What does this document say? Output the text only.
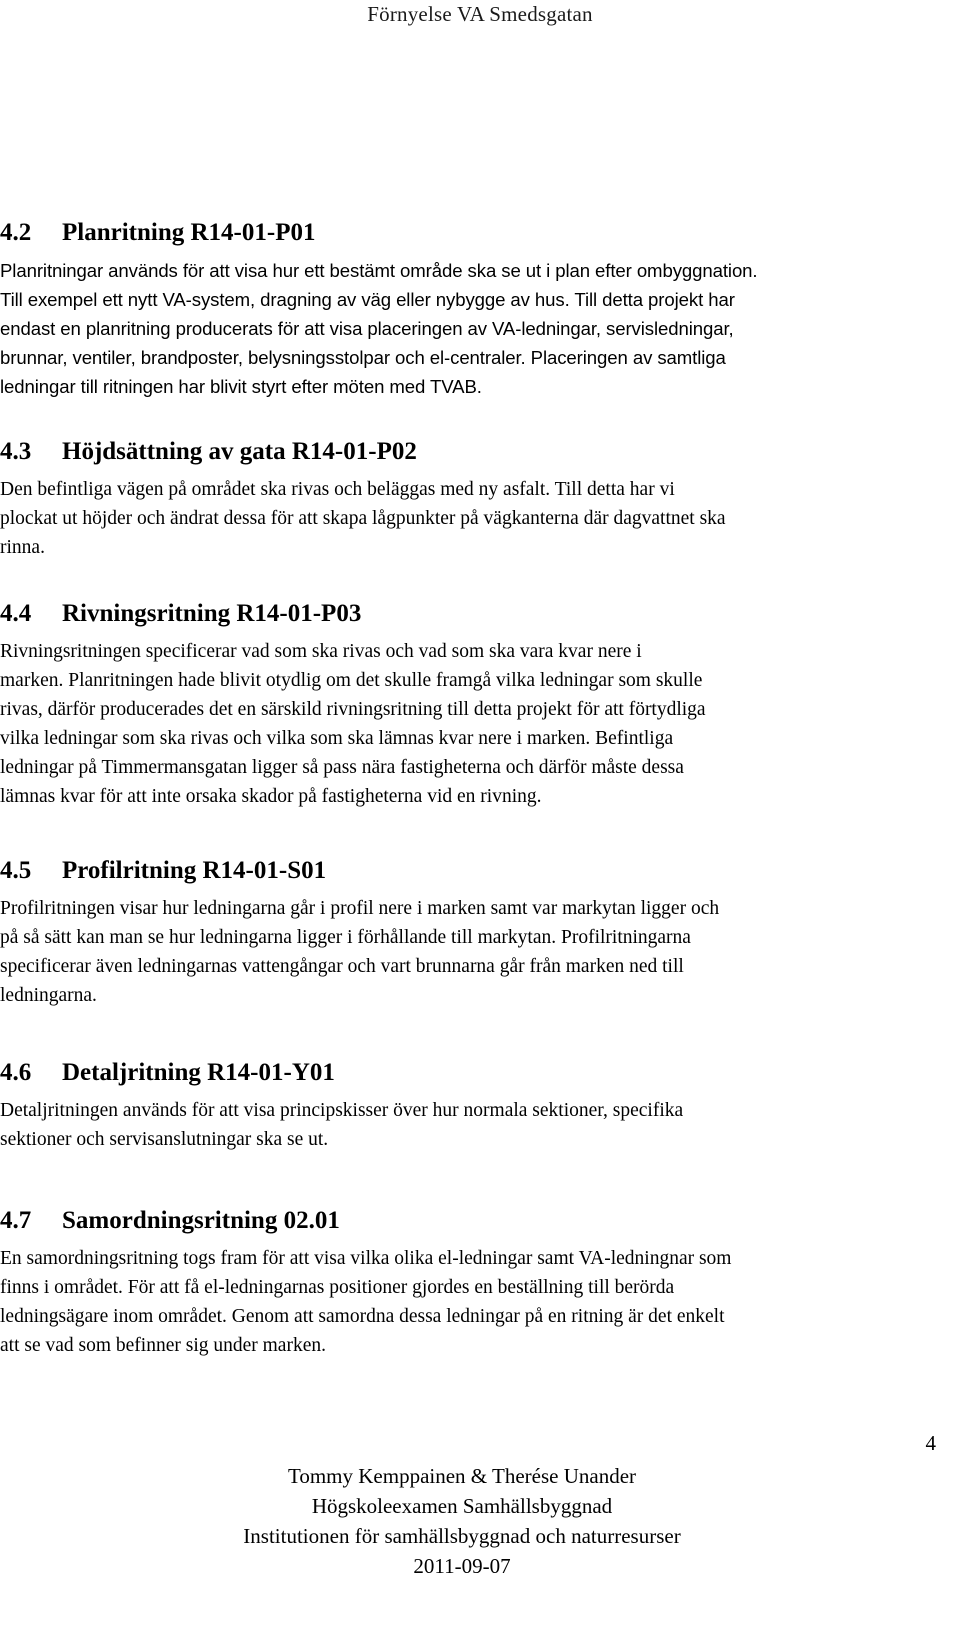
Förnyelse VA Smedsgatan
4.2 Planritning R14-01-P01
Planritningar används för att visa hur ett bestämt område ska se ut i plan efter ombyggnation.
Till exempel ett nytt VA-system, dragning av väg eller nybygge av hus. Till detta projekt har
endast en planritning producerats för att visa placeringen av VA-ledningar, servisledningar,
brunnar, ventiler, brandposter, belysningsstolpar och el-centraler. Placeringen av samtliga
ledningar till ritningen har blivit styrt efter möten med TVAB.
4.3 Höjdsättning av gata R14-01-P02
Den befintliga vägen på området ska rivas och beläggas med ny asfalt. Till detta har vi
plockat ut höjder och ändrat dessa för att skapa lågpunkter på vägkanterna där dagvattnet ska
rinna.
4.4 Rivningsritning R14-01-P03
Rivningsritningen specificerar vad som ska rivas och vad som ska vara kvar nere i
marken. Planritningen hade blivit otydlig om det skulle framgå vilka ledningar som skulle
rivas, därför producerades det en särskild rivningsritning till detta projekt för att förtydliga
vilka ledningar som ska rivas och vilka som ska lämnas kvar nere i marken. Befintliga
ledningar på Timmermansgatan ligger så pass nära fastigheterna och därför måste dessa
lämnas kvar för att inte orsaka skador på fastigheterna vid en rivning.
4.5 Profilritning R14-01-S01
Profilritningen visar hur ledningarna går i profil nere i marken samt var markytan ligger och
på så sätt kan man se hur ledningarna ligger i förhållande till markytan. Profilritningarna
specificerar även ledningarnas vattengångar och vart brunnarna går från marken ned till
ledningarna.
4.6 Detaljritning R14-01-Y01
Detaljritningen används för att visa principskisser över hur normala sektioner, specifika
sektioner och servisanslutningar ska se ut.
4.7 Samordningsritning 02.01
En samordningsritning togs fram för att visa vilka olika el-ledningar samt VA-ledningnar som
finns i området. För att få el-ledningarnas positioner gjordes en beställning till berörda
ledningsägare inom området. Genom att samordna dessa ledningar på en ritning är det enkelt
att se vad som befinner sig under marken.
4
Tommy Kemppainen & Therése Unander
Högskoleexamen Samhällsbyggnad
Institutionen för samhällsbyggnad och naturresurser
2011-09-07
